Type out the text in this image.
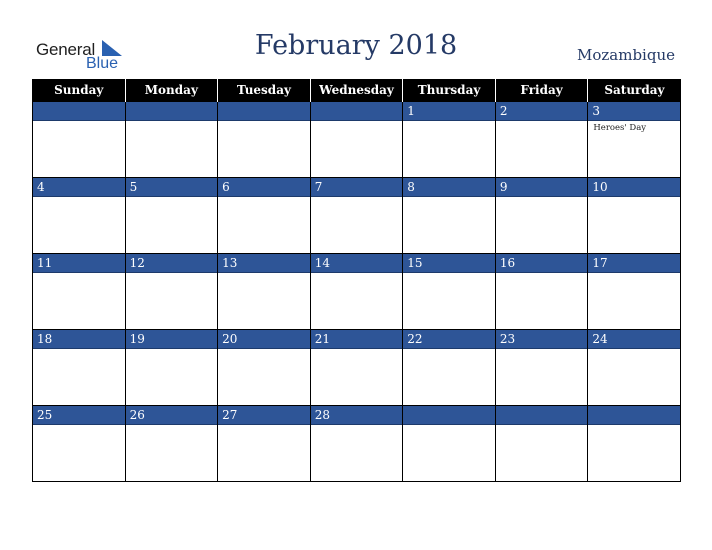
General
Blue
February 2018	Mozambique
Sunday	Monday	Tuesday	Wednesday	Thursday	Friday	Saturday

				1	2	3
Heroes' Day

4	5	6	7	8	9	10

11	12	13	14	15	16	17

18	19	20	21	22	23	24

25	26	27	28			
